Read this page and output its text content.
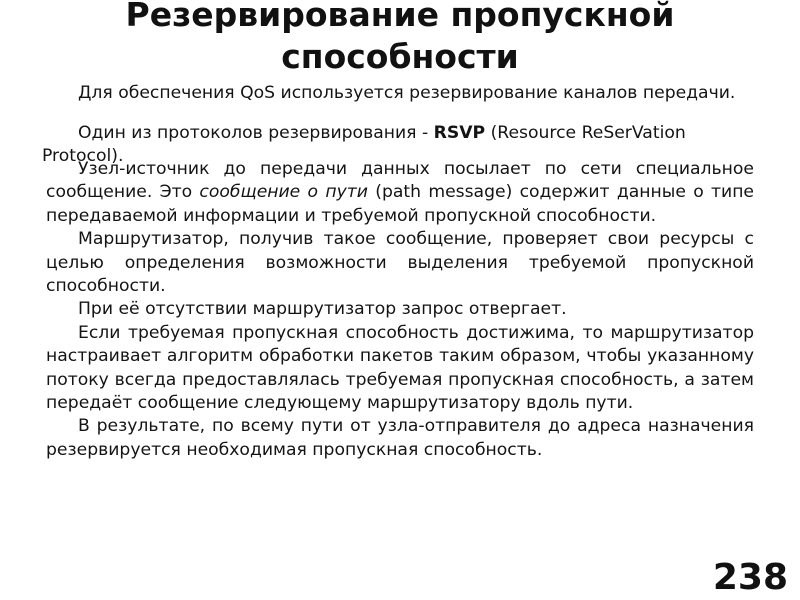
Резервирование пропускной
способности
Для обеспечения QoS используется резервирование каналов передачи.
Один из протоколов резервирования - RSVP (Resource ReSerVation Protocol).

Узел-источник до передачи данных посылает по сети специальное сообщение. Это сообщение о пути (path message) содержит данные о типе передаваемой информации и требуемой пропускной способности.

Маршрутизатор, получив такое сообщение, проверяет свои ресурсы с целью определения возможности выделения требуемой пропускной способности.

При её отсутствии маршрутизатор запрос отвергает.

Если требуемая пропускная способность достижима, то маршрутизатор настраивает алгоритм обработки пакетов таким образом, чтобы указанному потоку всегда предоставлялась требуемая пропускная способность, а затем передаёт сообщение следующему маршрутизатору вдоль пути.

В результате, по всему пути от узла-отправителя до адреса назначения резервируется необходимая пропускная способность.

238
